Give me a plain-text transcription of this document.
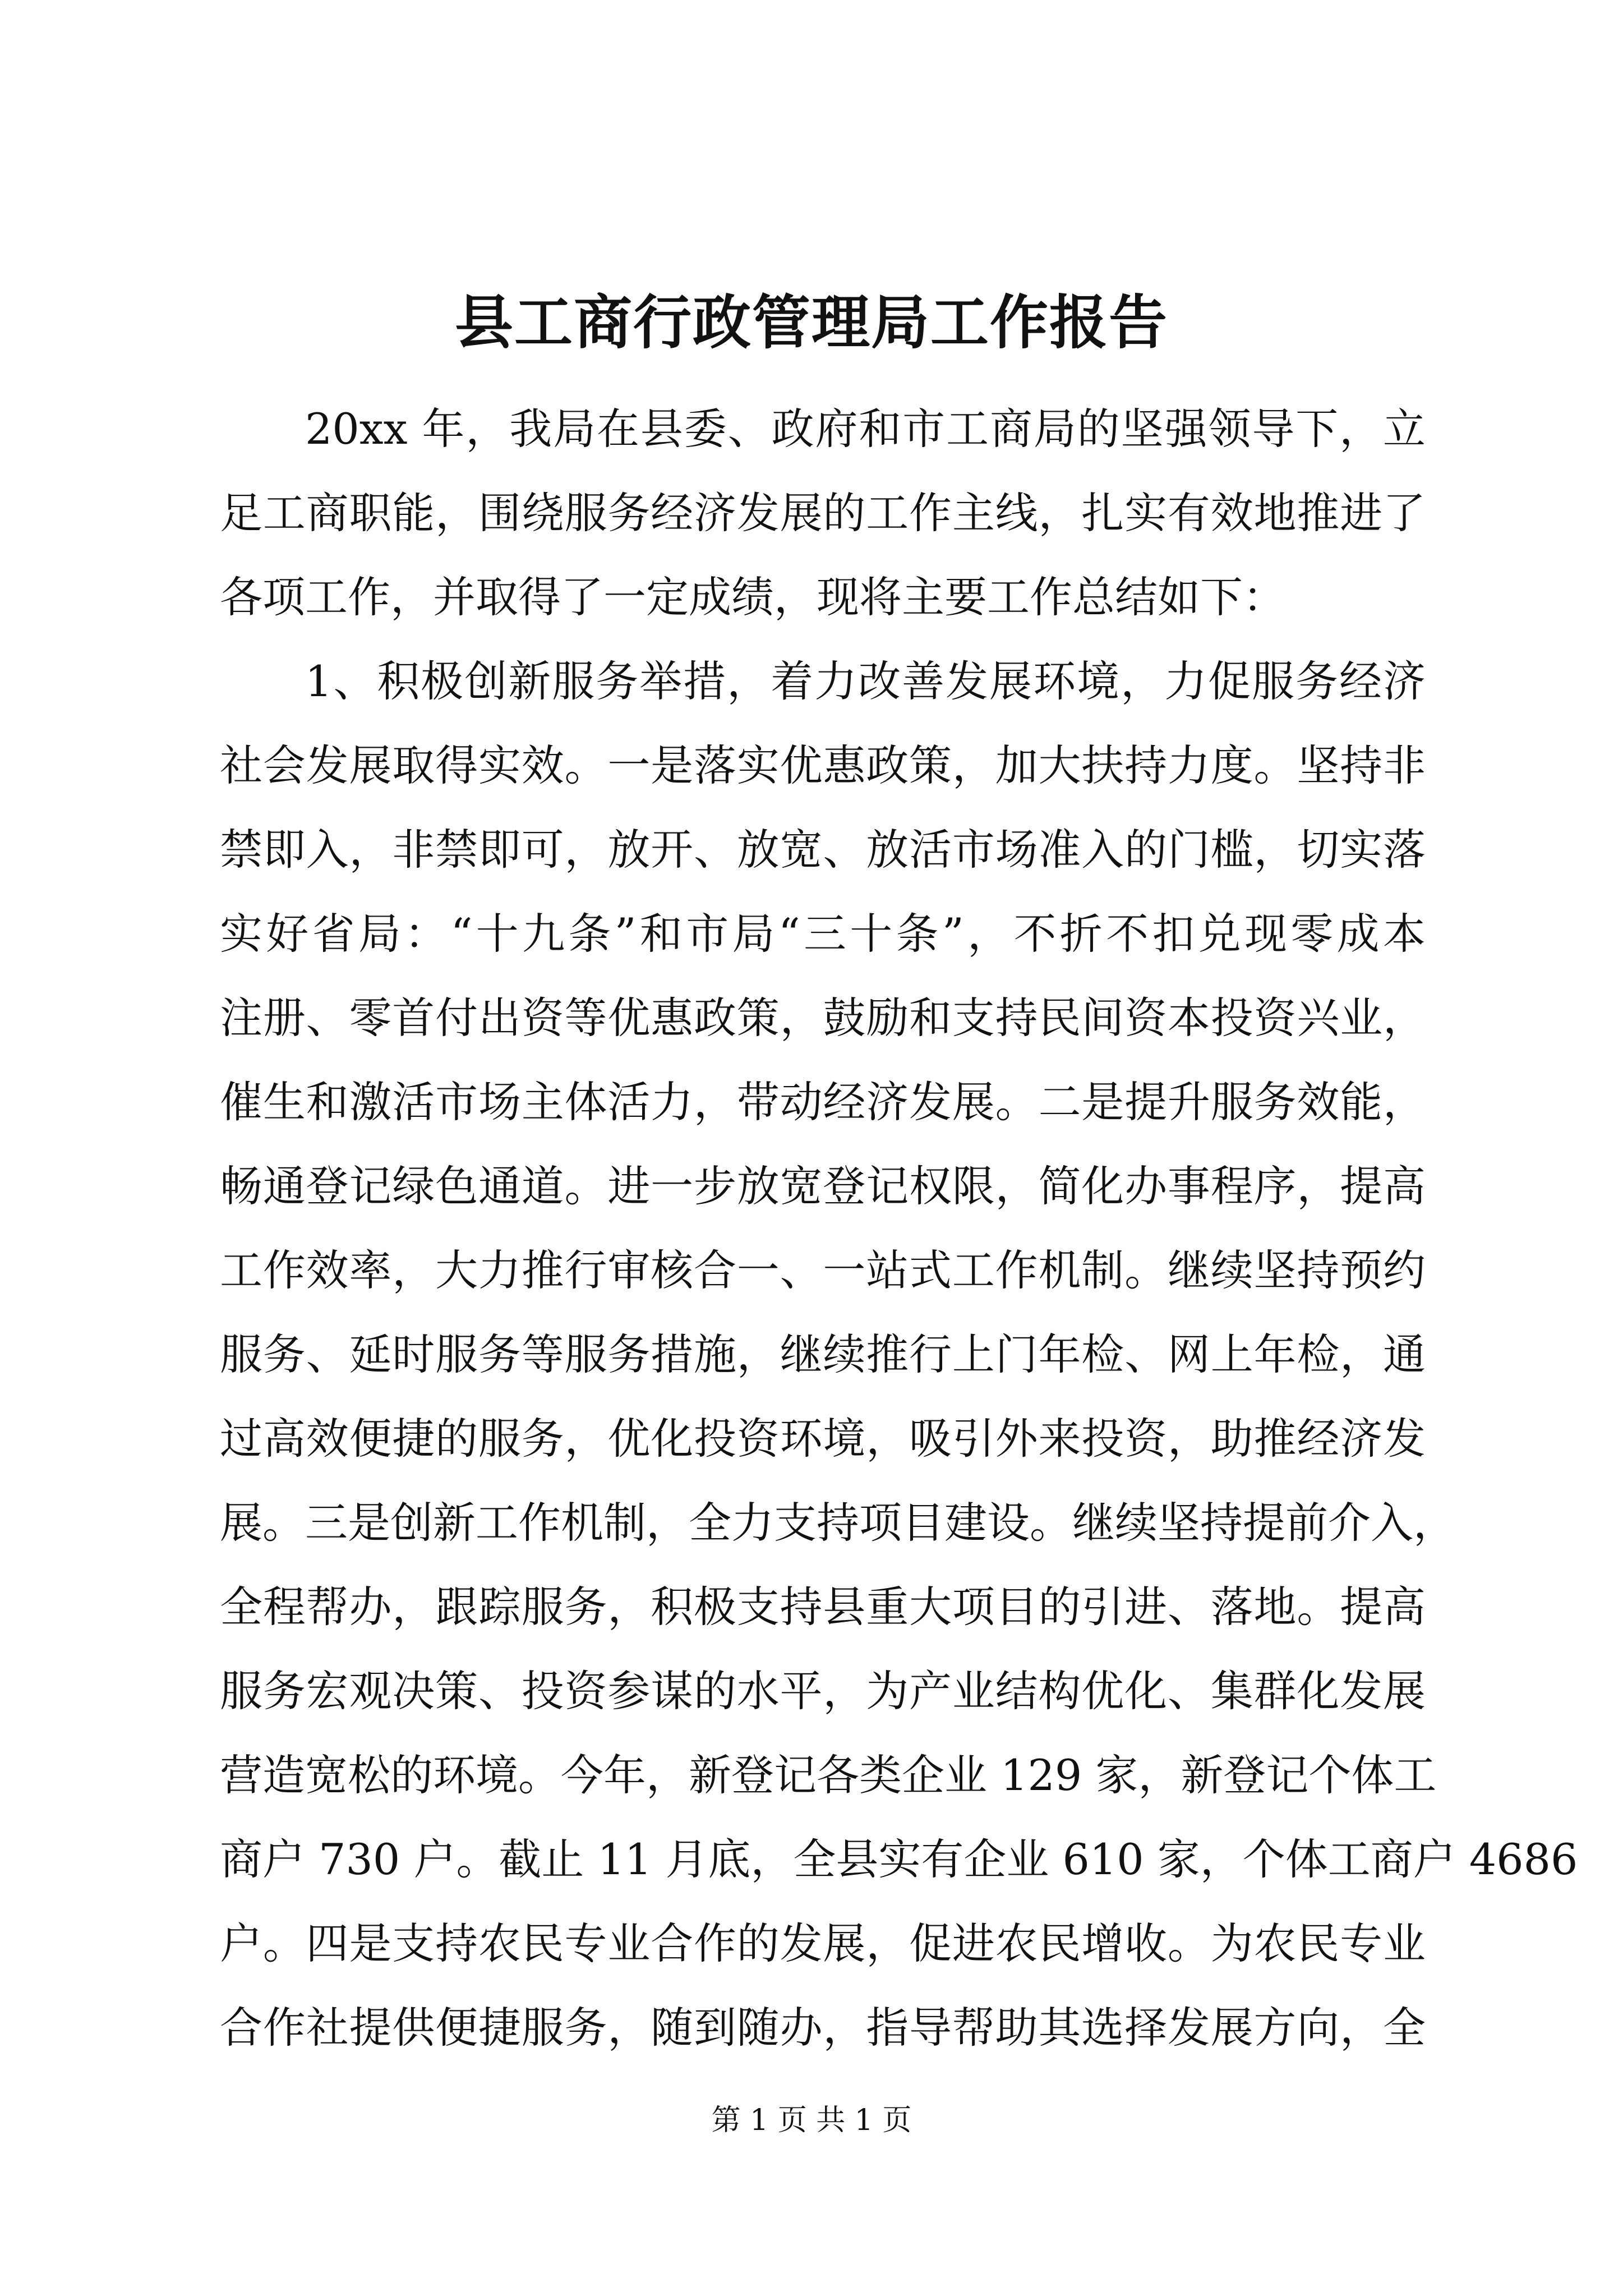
县工商行政管理局工作报告
20xx 年，我局在县委、政府和市工商局的坚强领导下，立
足工商职能，围绕服务经济发展的工作主线，扎实有效地推进了
各项工作，并取得了一定成绩，现将主要工作总结如下：
1、积极创新服务举措，着力改善发展环境，力促服务经济
社会发展取得实效。一是落实优惠政策，加大扶持力度。坚持非
禁即入，非禁即可，放开、放宽、放活市场准入的门槛，切实落
实好省局：“十九条”和市局“三十条”，不折不扣兑现零成本
注册、零首付出资等优惠政策，鼓励和支持民间资本投资兴业，
催生和激活市场主体活力，带动经济发展。二是提升服务效能，
畅通登记绿色通道。进一步放宽登记权限，简化办事程序，提高
工作效率，大力推行审核合一、一站式工作机制。继续坚持预约
服务、延时服务等服务措施，继续推行上门年检、网上年检，通
过高效便捷的服务，优化投资环境，吸引外来投资，助推经济发
展。三是创新工作机制，全力支持项目建设。继续坚持提前介入，
全程帮办，跟踪服务，积极支持县重大项目的引进、落地。提高
服务宏观决策、投资参谋的水平，为产业结构优化、集群化发展
营造宽松的环境。今年，新登记各类企业 129 家，新登记个体工
商户 730 户。截止 11 月底，全县实有企业 610 家，个体工商户 4686
户。四是支持农民专业合作的发展，促进农民增收。为农民专业
合作社提供便捷服务，随到随办，指导帮助其选择发展方向，全
第 1 页 共 1 页
